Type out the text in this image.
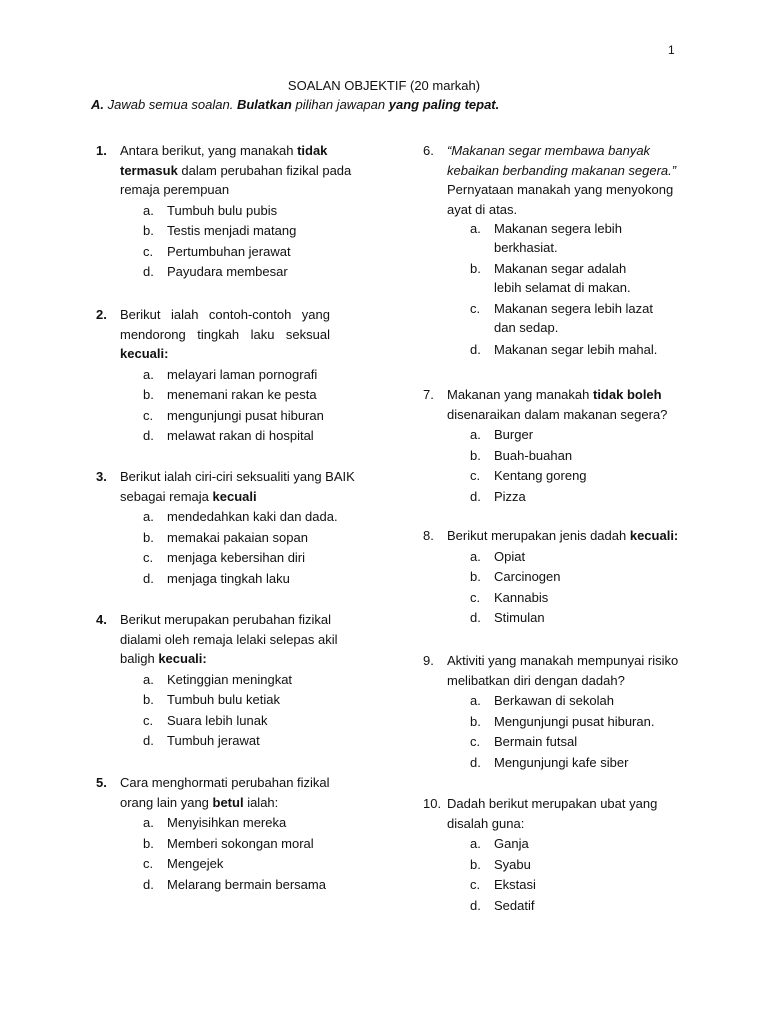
1
SOALAN OBJEKTIF (20 markah)
A. Jawab semua soalan. Bulatkan pilihan jawapan yang paling tepat.
1. Antara berikut, yang manakah tidak termasuk dalam perubahan fizikal pada remaja perempuan
a. Tumbuh bulu pubis
b. Testis menjadi matang
c. Pertumbuhan jerawat
d. Payudara membesar
2. Berikut ialah contoh-contoh yang mendorong tingkah laku seksual kecuali:
a. melayari laman pornografi
b. menemani rakan ke pesta
c. mengunjungi pusat hiburan
d. melawat rakan di hospital
3. Berikut ialah ciri-ciri seksualiti yang BAIK sebagai remaja kecuali
a. mendedahkan kaki dan dada.
b. memakai pakaian sopan
c. menjaga kebersihan diri
d. menjaga tingkah laku
4. Berikut merupakan perubahan fizikal dialami oleh remaja lelaki selepas akil baligh kecuali:
a. Ketinggian meningkat
b. Tumbuh bulu ketiak
c. Suara lebih lunak
d. Tumbuh jerawat
5. Cara menghormati perubahan fizikal orang lain yang betul ialah:
a. Menyisihkan mereka
b. Memberi sokongan moral
c. Mengejek
d. Melarang bermain bersama
6. “Makanan segar membawa banyak kebaikan berbanding makanan segera.” Pernyataan manakah yang menyokong ayat di atas.
a. Makanan segera lebih berkhasiat.
b. Makanan segar adalah lebih selamat di makan.
c. Makanan segera lebih lazat dan sedap.
d. Makanan segar lebih mahal.
7. Makanan yang manakah tidak boleh disenaraikan dalam makanan segera?
a. Burger
b. Buah-buahan
c. Kentang goreng
d. Pizza
8. Berikut merupakan jenis dadah kecuali:
a. Opiat
b. Carcinogen
c. Kannabis
d. Stimulan
9. Aktiviti yang manakah mempunyai risiko melibatkan diri dengan dadah?
a. Berkawan di sekolah
b. Mengunjungi pusat hiburan.
c. Bermain futsal
d. Mengunjungi kafe siber
10. Dadah berikut merupakan ubat yang disalah guna:
a. Ganja
b. Syabu
c. Ekstasi
d. Sedatif
